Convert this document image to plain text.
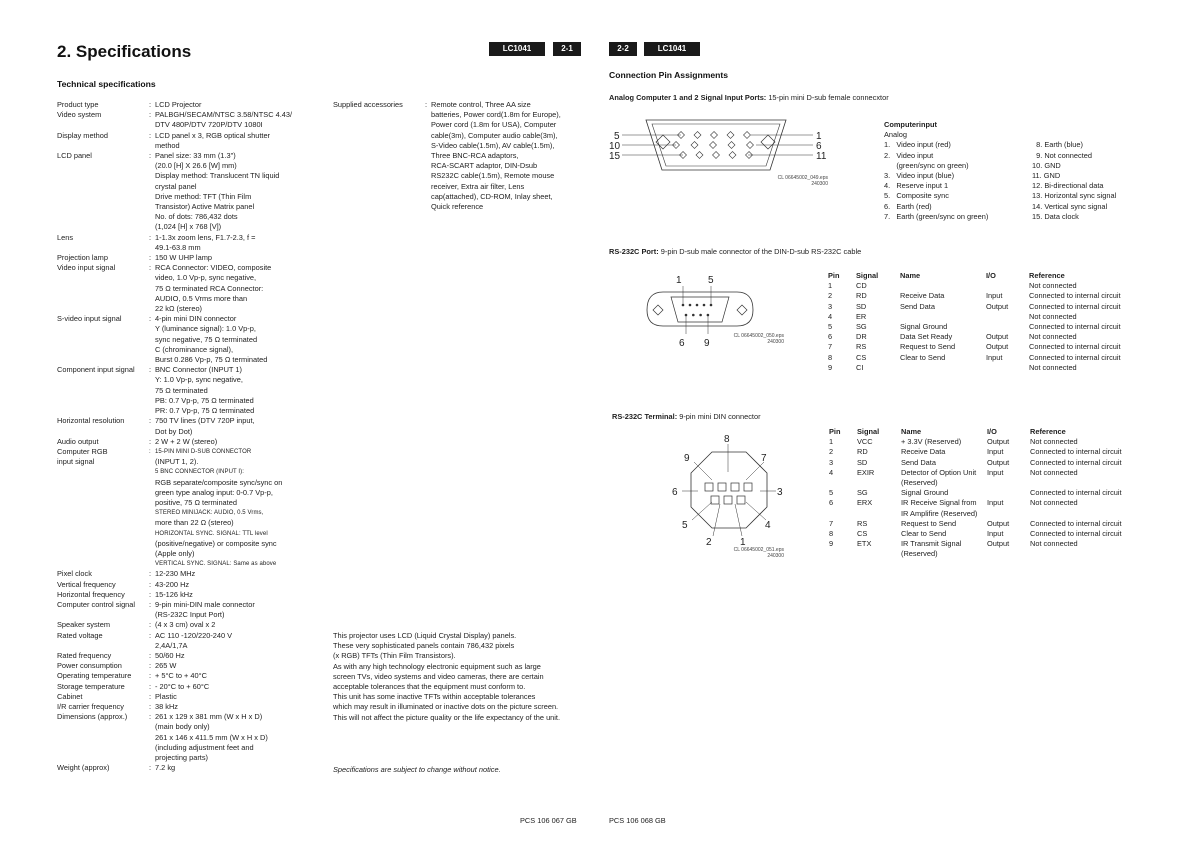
2. Specifications	LC1041	2-1
Technical specifications
Product type	: LCD Projector
Video system	: PALBGH/SECAM/NTSC 3.58/NTSC 4.43/
DTV 480P/DTV 720P/DTV 1080I
Display method	: LCD panel x 3, RGB optical shutter
method
LCD panel	: Panel size: 33 mm (1.3")
(20.0 [H] X 26.6 [W] mm)
Display method: Translucent TN liquid
crystal panel
Drive method: TFT (Thin Film
Transistor) Active Matrix panel
No. of dots: 786,432 dots
(1,024 [H] x 768 [V])
Lens	: 1-1.3x zoom lens, F1.7-2.3, f =
49.1-63.8 mm
Projection lamp	: 150 W UHP lamp
Video input signal	: RCA Connector: VIDEO, composite
video, 1.0 Vp-p, sync negative,
75 Ω terminated RCA Connector:
AUDIO, 0.5 Vrms more than
22 kΩ (stereo)
S-video input signal	: 4-pin mini DIN connector
Y (luminance signal): 1.0 Vp-p,
sync negative, 75 Ω terminated
C (chrominance signal),
Burst 0.286 Vp-p, 75 Ω terminated
Component input signal	: BNC Connector (INPUT 1)
Y: 1.0 Vp-p, sync negative,
75 Ω terminated
PB: 0.7 Vp-p, 75 Ω terminated
PR: 0.7 Vp-p, 75 Ω terminated
Horizontal resolution	: 750 TV lines (DTV 720P input,
Dot by Dot)
Audio output	: 2 W + 2 W (stereo)
Computer RGB input signal
: 15-PIN MINI D-SUB CONNECTOR
(INPUT 1, 2).
5 BNC CONNECTOR (INPUT I):
RGB separate/composite sync/sync on
green type analog input: 0-0.7 Vp-p,
positive, 75 Ω terminated
STEREO MINIJACK: AUDIO, 0.5 Vrms,
more than 22 Ω (stereo)
HORIZONTAL SYNC. SIGNAL: TTL level
(positive/negative) or composite sync
(Apple only)
VERTICAL SYNC. SIGNAL: Same as above
Pixel clock	: 12-230 MHz
Vertical frequency	: 43-200 Hz
Horizontal frequency	: 15-126 kHz
Computer control signal	: 9-pin mini-DIN male connector
(RS-232C Input Port)
Speaker system	: (4 x 3 cm) oval x 2
Rated voltage	: AC 110 -120/220-240 V
2,4A/1,7A
Rated frequency	: 50/60 Hz
Power consumption	: 265 W
Operating temperature	: + 5°C to + 40°C
Storage temperature	: - 20°C to + 60°C
Cabinet	: Plastic
I/R carrier frequency	: 38 kHz
Dimensions (approx.)	: 261 x 129 x 381 mm (W x H x D)
(main body only)
261 x 146 x 411.5 mm (W x H x D)
(including adjustment feet and
projecting parts)
Weight (approx)	: 7.2 kg
Supplied accessories	: Remote control, Three AA size
batteries, Power cord(1.8m for Europe),
Power cord (1.8m for USA), Computer
cable(3m), Computer audio cable(3m),
S-Video cable(1.5m), AV cable(1.5m),
Three BNC-RCA adaptors,
RCA-SCART adaptor, DIN-Dsub
RS232C cable(1.5m), Remote mouse
receiver, Extra air filter, Lens
cap(attached), CD-ROM, Inlay sheet,
Quick reference
This projector uses LCD (Liquid Crystal Display) panels.
These very sophisticated panels contain 786,432 pixels
(x RGB) TFTs (Thin Film Transistors).
As with any high technology electronic equipment such as large
screen TVs, video systems and video cameras, there are certain
acceptable tolerances that the equipment must conform to.
This unit has some inactive TFTs within acceptable tolerances
which may result in illuminated or inactive dots on the picture screen.
This will not affect the picture quality or the life expectancy of the unit.
Specifications are subject to change without notice.
PCS 106 067 GB
2-2	LC1041
Connection Pin Assignments
Analog Computer 1 and 2 Signal Input Ports: 15-pin mini D-sub female connecxtor
5
10
15
1
6
11
CL 06645002_049.eps
240300
Computerinput
Analog
1.   Video input (red)
2.   Video input
(green/sync on green)
3.   Video input (blue)
4.   Reserve input 1
5.   Composite sync
6.   Earth (red)
7.   Earth (green/sync on green)
8. Earth (blue)
9. Not connected
10. GND
11. GND
12. Bi-directional data
13. Horizontal sync signal
14. Vertical sync signal
15. Data clock
RS-232C Port: 9-pin D-sub male connector of the DIN-D-sub RS-232C cable
1	5
6 9
CL 06645002_050.eps
240300
Pin	Signal	Name	I/O	Reference
1	CD			Not connected
2	RD	Receive Data	Input	Connected to internal circuit
3	SD	Send Data	Output	Connected to internal circuit
4	ER			Not connected
5	SG	Signal Ground		Connected to internal circuit
6	DR	Data Set Ready	Output	Not connected
7	RS	Request to Send	Output	Connected to internal circuit
8	CS	Clear to Send	Input	Connected to internal circuit
9	CI			Not connected
RS-232C Terminal: 9-pin mini DIN connector
8
9	7
6	3
5	4
2	1
CL 06645002_051.eps
240300
Pin	Signal	Name	I/O	Reference
1	VCC	+ 3.3V (Reserved)	Output	Not connected
2	RD	Receive Data	Input	Connected to internal circuit
3	SD	Send Data	Output	Connected to internal circuit
4	EXIR	Detector of Option Unit	Input	Not connected
		(Reserved)		
5	SG	Signal Ground		Connected to internal circuit
6	ERX	IR Receive Signal from	Input	Not connected
		IR Amplifire (Reserved)		
7	RS	Request to Send	Output	Connected to internal circuit
8	CS	Clear to Send	Input	Connected to internal circuit
9	ETX	IR Transmit Signal	Output	Not connected
		(Reserved)		
PCS 106 068 GB
